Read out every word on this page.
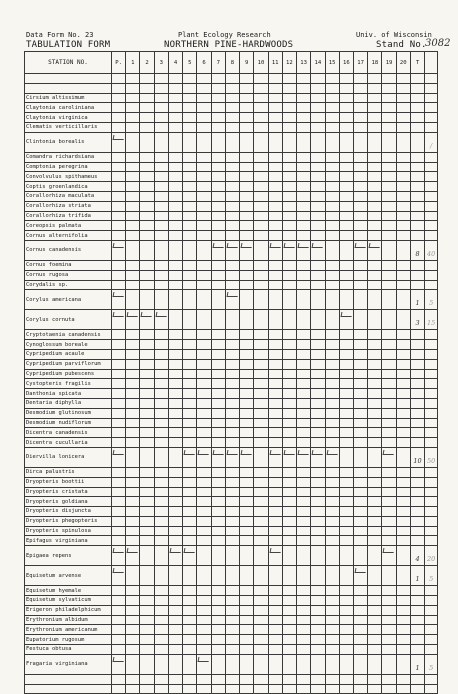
Data Form No. 23	Plant Ecology Research	Univ. of Wisconsin
TABULATION FORM	NORTHERN PINE-HARDWOODS	Stand No.
3082
STATION NO.	P.	1	2	3	4	5	6	7	8	9	10	11	12	13	14	15	16	17	18	19	20	T	

Cirsium altissimum																							
Claytonia caroliniana																							
Claytonia virginica																							
Clematis verticillaris																							
Clintonia borealis																							/
Comandra richardsiana																							
Comptonia peregrina																							
Convolvulus spithameus																							
Coptis groenlandica																							
Corallorhiza maculata																							
Corallorhiza striata																							
Corallorhiza trifida																							
Coreopsis palmata																							
Cornus alternifolia																							
Cornus canadensis																						8	40
Cornus foemina																							
Cornus rugosa																							
Corydalis sp.																							
Corylus americana																						1	5
Corylus cornuta																						3	15
Cryptotaenia canadensis																							
Cynoglossum boreale																							
Cypripedium acaule																							
Cypripedium parviflorum																							
Cypripedium pubescens																							
Cystopteris fragilis																							
Danthonia spicata																							
Dentaria diphylla																							
Desmodium glutinosum																							
Desmodium nudiflorum																							
Dicentra canadensis																							
Dicentra cucullaria																							
Diervilla lonicera																						10	50
Dirca palustris																							
Dryopteris boottii																							
Dryopteris cristata																							
Dryopteris goldiana																							
Dryopteris disjuncta																							
Dryopteris phegopteris																							
Dryopteris spinulosa																							
Epifagus virginiana																							
Epigaea repens																						4	20
Equisetum arvense																						1	5
Equisetum hyemale																							
Equisetum sylvaticum																							
Erigeron philadelphicum																							
Erythronium albidum																							
Erythronium americanum																							
Eupatorium rugosum																							
Festuca obtusa																							
Fragaria virginiana																						1	5
